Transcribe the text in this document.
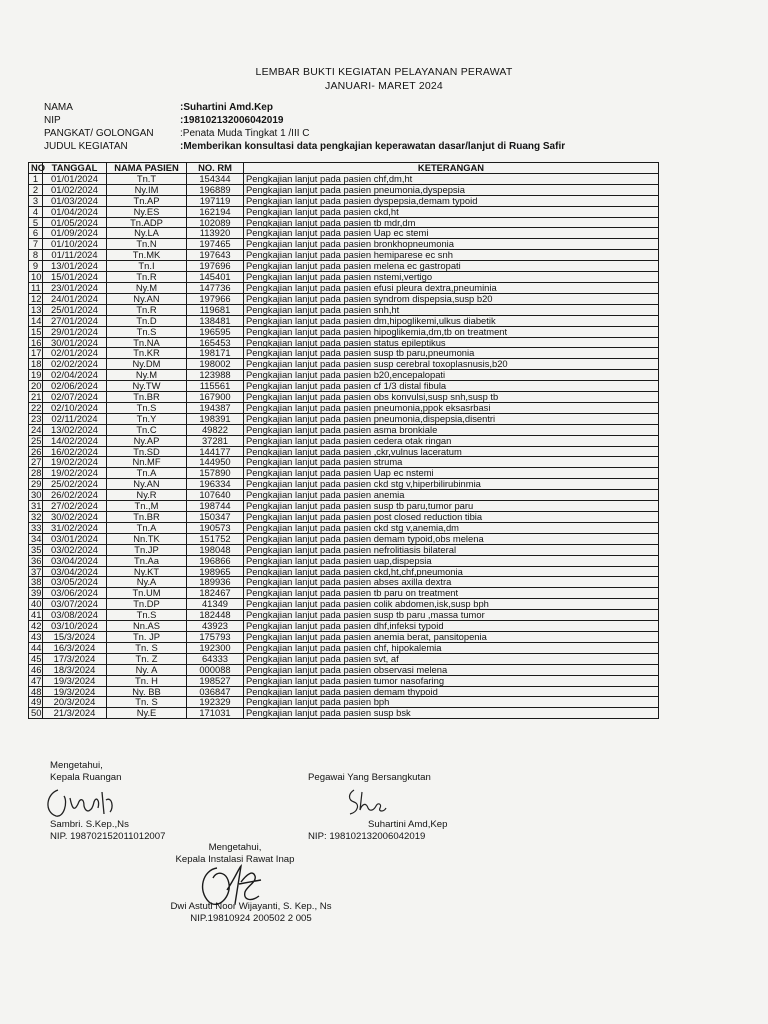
LEMBAR BUKTI KEGIATAN PELAYANAN PERAWAT
JANUARI- MARET 2024
NAMA	:Suhartini Amd.Kep
NIP	:198102132006042019
PANGKAT/ GOLONGAN	:Penata Muda Tingkat 1 /III C
JUDUL KEGIATAN	:Memberikan konsultasi data pengkajian keperawatan dasar/lanjut di Ruang Safir
NO	TANGGAL	NAMA PASIEN	NO. RM	KETERANGAN
1	01/01/2024	Tn.T	154344	Pengkajian lanjut pada pasien chf,dm,ht
2	01/02/2024	Ny.IM	196889	Pengkajian lanjut pada pasien pneumonia,dyspepsia
3	01/03/2024	Tn.AP	197119	Pengkajian lanjut pada pasien dyspepsia,demam typoid
4	01/04/2024	Ny.ES	162194	Pengkajian lanjut pada pasien ckd,ht
5	01/05/2024	Tn.ADP	102089	Pengkajian lanjut pada pasien tb mdr,dm
6	01/09/2024	Ny.LA	113920	Pengkajian lanjut pada pasien Uap ec stemi
7	01/10/2024	Tn.N	197465	Pengkajian lanjut pada pasien bronkhopneumonia
8	01/11/2024	Tn.MK	197643	Pengkajian lanjut pada pasien hemiparese ec snh
9	13/01/2024	Tn.I	197696	Pengkajian lanjut pada pasien melena ec gastropati
10	15/01/2024	Tn.R	145401	Pengkajian lanjut pada pasien nstemi,vertigo
11	23/01/2024	Ny.M	147736	Pengkajian lanjut pada pasien efusi pleura dextra,pneuminia
12	24/01/2024	Ny.AN	197966	Pengkajian lanjut pada pasien syndrom dispepsia,susp b20
13	25/01/2024	Tn.R	119681	Pengkajian lanjut pada pasien snh,ht
14	27/01/2024	Tn.D	138481	Pengkajian lanjut pada pasien dm,hipoglikemi,ulkus diabetik
15	29/01/2024	Tn.S	196595	Pengkajian lanjut pada pasien hipoglikemia,dm,tb on treatment
16	30/01/2024	Tn.NA	165453	Pengkajian lanjut pada pasien status epileptikus
17	02/01/2024	Tn.KR	198171	Pengkajian lanjut pada pasien susp tb paru,pneumonia
18	02/02/2024	Ny.DM	198002	Pengkajian lanjut pada pasien susp cerebral toxoplasnusis,b20
19	02/04/2024	Ny.M	123988	Pengkajian lanjut pada pasien b20,encepalopati
20	02/06/2024	Ny.TW	115561	Pengkajian lanjut pada pasien cf 1/3 distal fibula
21	02/07/2024	Tn.BR	167900	Pengkajian lanjut pada pasien obs konvulsi,susp snh,susp tb
22	02/10/2024	Tn.S	194387	Pengkajian lanjut pada pasien pneumonia,ppok eksasrbasi
23	02/11/2024	Tn.Y	198391	Pengkajian lanjut pada pasien pneumonia,dispepsia,disentri
24	13/02/2024	Tn.C	49822	Pengkajian lanjut pada pasien asma bronkiale
25	14/02/2024	Ny.AP	37281	Pengkajian lanjut pada pasien cedera otak ringan
26	16/02/2024	Tn.SD	144177	Pengkajian lanjut pada pasien ,ckr,vulnus laceratum
27	19/02/2024	Nn.MF	144950	Pengkajian lanjut pada pasien struma
28	19/02/2024	Tn.A	157890	Pengkajian lanjut pada pasien Uap ec nstemi
29	25/02/2024	Ny.AN	196334	Pengkajian lanjut pada pasien ckd stg v,hiperbilirubinmia
30	26/02/2024	Ny.R	107640	Pengkajian lanjut pada pasien anemia
31	27/02/2024	Tn.,M	198744	Pengkajian lanjut pada pasien susp tb paru,tumor paru
32	30/02/2024	Tn.BR	150347	Pengkajian lanjut pada pasien post closed reduction tibia
33	31/02/2024	Tn.A	190573	Pengkajian lanjut pada pasien ckd stg v,anemia,dm
34	03/01/2024	Nn.TK	151752	Pengkajian lanjut pada pasien demam typoid,obs melena
35	03/02/2024	Tn.JP	198048	Pengkajian lanjut pada pasien nefrolitiasis bilateral
36	03/04/2024	Tn.Aa	196866	Pengkajian lanjut pada pasien uap,dispepsia
37	03/04/2024	Ny.KT	198965	Pengkajian lanjut pada pasien ckd,ht,chf,pneumonia
38	03/05/2024	Ny.A	189936	Pengkajian lanjut pada pasien abses axilla dextra
39	03/06/2024	Tn.UM	182467	Pengkajian lanjut pada pasien tb paru on treatment
40	03/07/2024	Tn.DP	41349	Pengkajian lanjut pada pasien colik abdomen,isk,susp bph
41	03/08/2024	Tn.S	182448	Pengkajian lanjut pada pasien susp tb paru ,massa tumor
42	03/10/2024	Nn.AS	43923	Pengkajian lanjut pada pasien dhf,infeksi typoid
43	15/3/2024	Tn. JP	175793	Pengkajian lanjut pada pasien anemia berat, pansitopenia
44	16/3/2024	Tn. S	192300	Pengkajian lanjut pada pasien chf, hipokalemia
45	17/3/2024	Tn. Z	64333	Pengkajian lanjut pada pasien svt, af
46	18/3/2024	Ny. A	000088	Pengkajian lanjut pada pasien observasi melena
47	19/3/2024	Tn. H	198527	Pengkajian lanjut pada pasien tumor nasofaring
48	19/3/2024	Ny. BB	036847	Pengkajian lanjut pada pasien demam thypoid
49	20/3/2024	Tn. S	192329	Pengkajian lanjut pada pasien bph
50	21/3/2024	Ny.E	171031	Pengkajian lanjut pada pasien susp bsk
Mengetahui,
Kepala Ruangan
Sambri. S.Kep.,Ns
NIP. 198702152011012007
Pegawai Yang Bersangkutan
Suhartini Amd,Kep
NIP: 198102132006042019
Mengetahui,
Kepala Instalasi Rawat Inap
Dwi Astuti Noor Wijayanti, S. Kep., Ns
NIP.19810924 200502 2 005
